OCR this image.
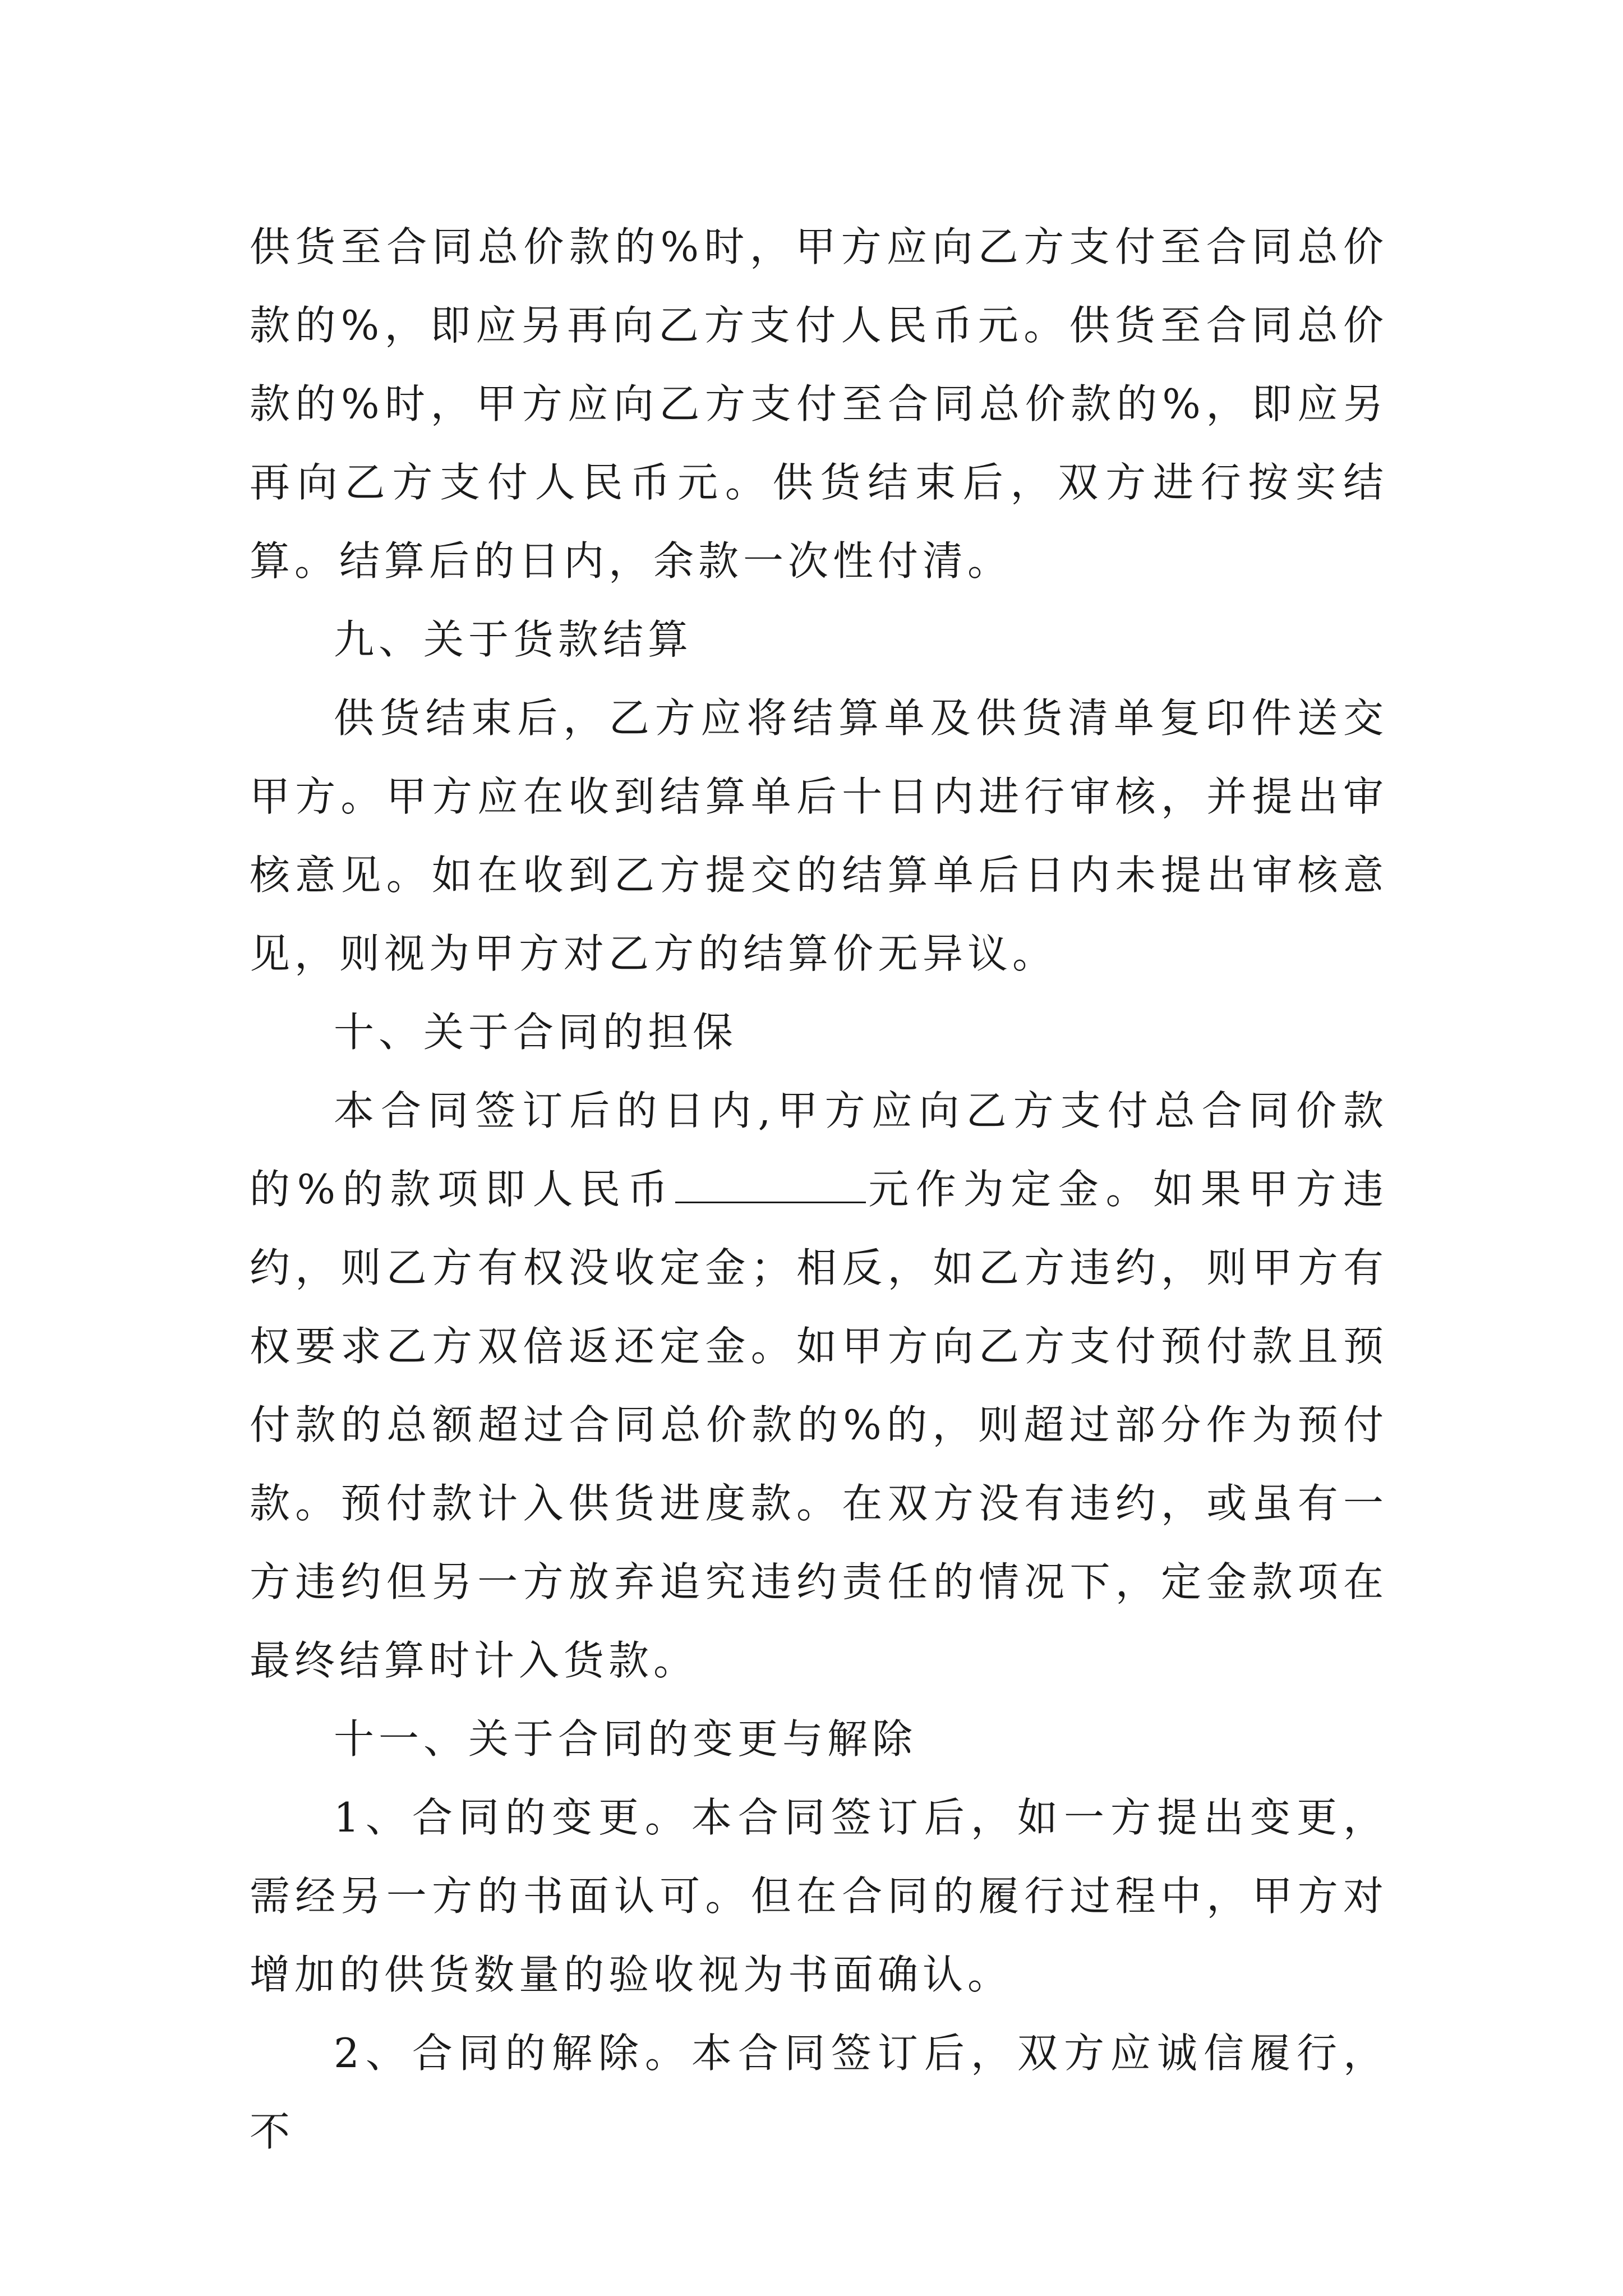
供货至合同总价款的%时，甲方应向乙方支付至合同总价款的%，即应另再向乙方支付人民币元。供货至合同总价款的%时，甲方应向乙方支付至合同总价款的%，即应另再向乙方支付人民币元。供货结束后，双方进行按实结算。结算后的日内，余款一次性付清。

九、关于货款结算

供货结束后，乙方应将结算单及供货清单复印件送交甲方。甲方应在收到结算单后十日内进行审核，并提出审核意见。如在收到乙方提交的结算单后日内未提出审核意见，则视为甲方对乙方的结算价无异议。

十、关于合同的担保

本合同签订后的日内,甲方应向乙方支付总合同价款的%的款项即人民币	元作为定金。如果甲方违约，则乙方有权没收定金；相反，如乙方违约，则甲方有权要求乙方双倍返还定金。如甲方向乙方支付预付款且预付款的总额超过合同总价款的%的，则超过部分作为预付款。预付款计入供货进度款。在双方没有违约，或虽有一方违约但另一方放弃追究违约责任的情况下，定金款项在最终结算时计入货款。

十一、关于合同的变更与解除

1、合同的变更。本合同签订后，如一方提出变更，需经另一方的书面认可。但在合同的履行过程中，甲方对增加的供货数量的验收视为书面确认。

2、合同的解除。本合同签订后，双方应诚信履行，不
